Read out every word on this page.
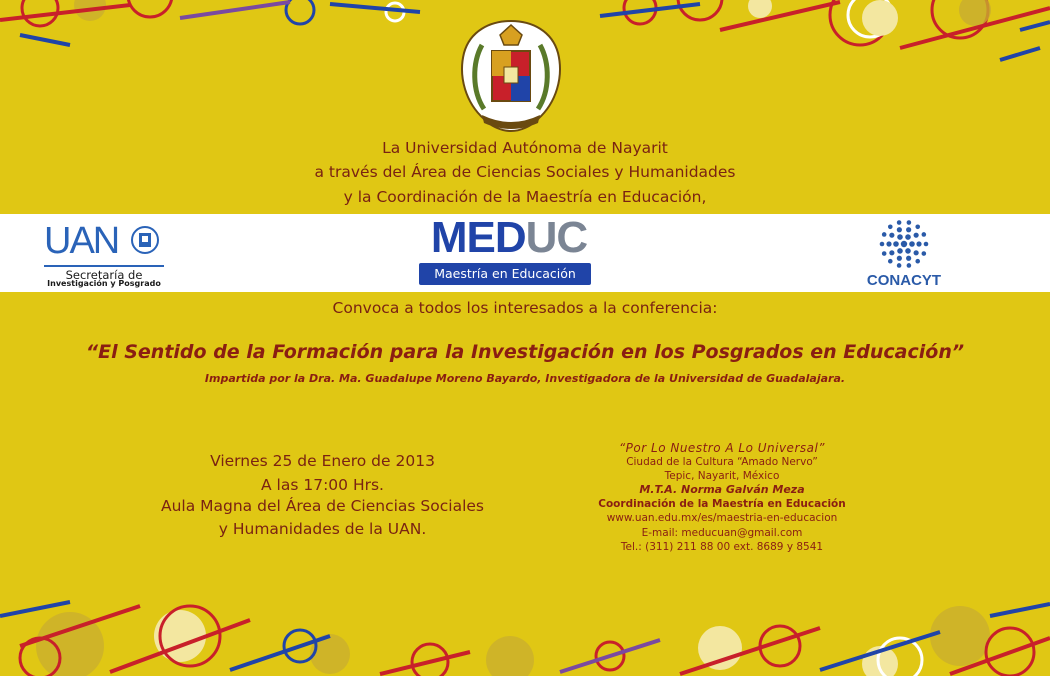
La Universidad Autónoma de Nayarit
a través del Área de Ciencias Sociales y Humanidades
y la Coordinación de la Maestría en Educación,
UAN
Secretaría de
Investigación y Posgrado
MEDUC
Maestría en Educación	CONACYT
Convoca a todos los interesados a la conferencia:
“El Sentido de la Formación para la Investigación en los Posgrados en Educación”
Impartida por la Dra. Ma. Guadalupe Moreno Bayardo, Investigadora de la Universidad de Guadalajara.
Viernes 25 de Enero de 2013
A las 17:00 Hrs.
Aula Magna del Área de Ciencias Sociales
y Humanidades de la UAN.
“Por Lo Nuestro A Lo Universal”
Ciudad de la Cultura “Amado Nervo”
Tepic, Nayarit, México
M.T.A. Norma Galván Meza
Coordinación de la Maestría en Educación
www.uan.edu.mx/es/maestria-en-educacion
E-mail: meducuan@gmail.com
Tel.: (311) 211 88 00 ext. 8689 y 8541
